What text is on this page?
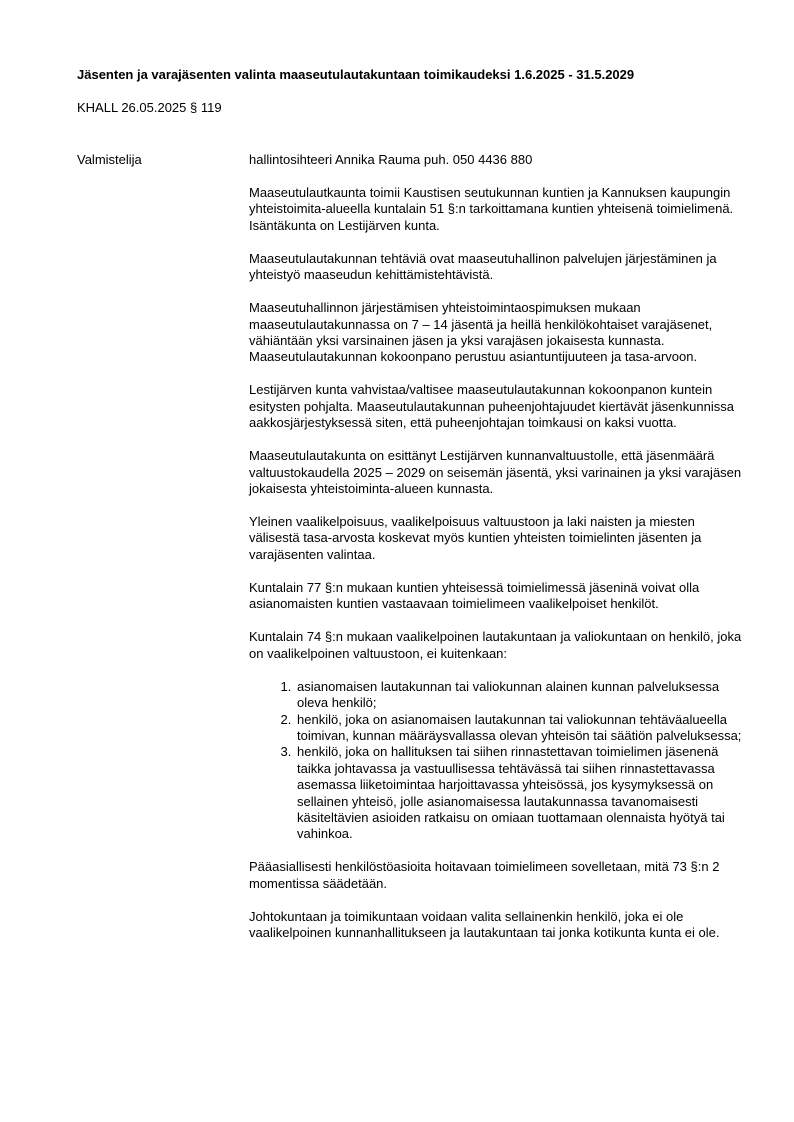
Jäsenten ja varajäsenten valinta maaseutulautakuntaan toimikaudeksi 1.6.2025 - 31.5.2029
KHALL 26.05.2025 § 119
Valmistelija	hallintosihteeri Annika Rauma puh. 050 4436 880

Maaseutulautkaunta toimii Kaustisen seutukunnan kuntien ja Kannuksen kaupungin yhteistoimita-alueella kuntalain 51 §:n tarkoittamana kuntien yhteisenä toimielimenä. Isäntäkunta on Lestijärven kunta.

Maaseutulautakunnan tehtäviä ovat maaseutuhallinon palvelujen järjestäminen ja yhteistyö maaseudun kehittämistehtävistä.

Maaseutuhallinnon järjestämisen yhteistoimintaospimuksen mukaan maaseutulautakunnassa on 7 – 14 jäsentä ja heillä henkilökohtaiset varajäsenet, vähiäntään yksi varsinainen jäsen ja yksi varajäsen jokaisesta kunnasta. Maaseutulautakunnan kokoonpano perustuu asiantuntijuuteen ja tasa-arvoon.

Lestijärven kunta vahvistaa/valtisee maaseutulautakunnan kokoonpanon kuntein esitysten pohjalta. Maaseutulautakunnan puheenjohtajuudet kiertävät jäsenkunnissa aakkosjärjestyksessä siten, että puheenjohtajan toimkausi on kaksi vuotta.

Maaseutulautakunta on esittänyt Lestijärven kunnanvaltuustolle, että jäsenmäärä valtuustokaudella 2025 – 2029 on seisemän jäsentä, yksi varinainen ja yksi varajäsen jokaisesta yhteistoiminta-alueen kunnasta.

Yleinen vaalikelpoisuus, vaalikelpoisuus valtuustoon ja laki naisten ja miesten välisestä tasa-arvosta koskevat myös kuntien yhteisten toimielinten jäsenten ja varajäsenten valintaa.

Kuntalain 77 §:n mukaan kuntien yhteisessä toimielimessä jäseninä voivat olla asianomaisten kuntien vastaavaan toimielimeen vaalikelpoiset henkilöt.

Kuntalain 74 §:n mukaan vaalikelpoinen lautakuntaan ja valiokuntaan on henkilö, joka on vaalikelpoinen valtuustoon, ei kuitenkaan:

1. asianomaisen lautakunnan tai valiokunnan alainen kunnan palveluksessa oleva henkilö;
2. henkilö, joka on asianomaisen lautakunnan tai valiokunnan tehtäväalueella toimivan, kunnan määräysvallassa olevan yhteisön tai säätiön palveluksessa;
3. henkilö, joka on hallituksen tai siihen rinnastettavan toimielimen jäsenenä taikka johtavassa ja vastuullisessa tehtävässä tai siihen rinnastettavassa asemassa liiketoimintaa harjoittavassa yhteisössä, jos kysymyksessä on sellainen yhteisö, jolle asianomaisessa lautakunnassa tavanomaisesti käsiteltävien asioiden ratkaisu on omiaan tuottamaan olennaista hyötyä tai vahinkoa.

Pääasiallisesti henkilöstöasioita hoitavaan toimielimeen sovelletaan, mitä 73 §:n 2 momentissa säädetään.

Johtokuntaan ja toimikuntaan voidaan valita sellainenkin henkilö, joka ei ole vaalikelpoinen kunnanhallitukseen ja lautakuntaan tai jonka kotikunta kunta ei ole.
